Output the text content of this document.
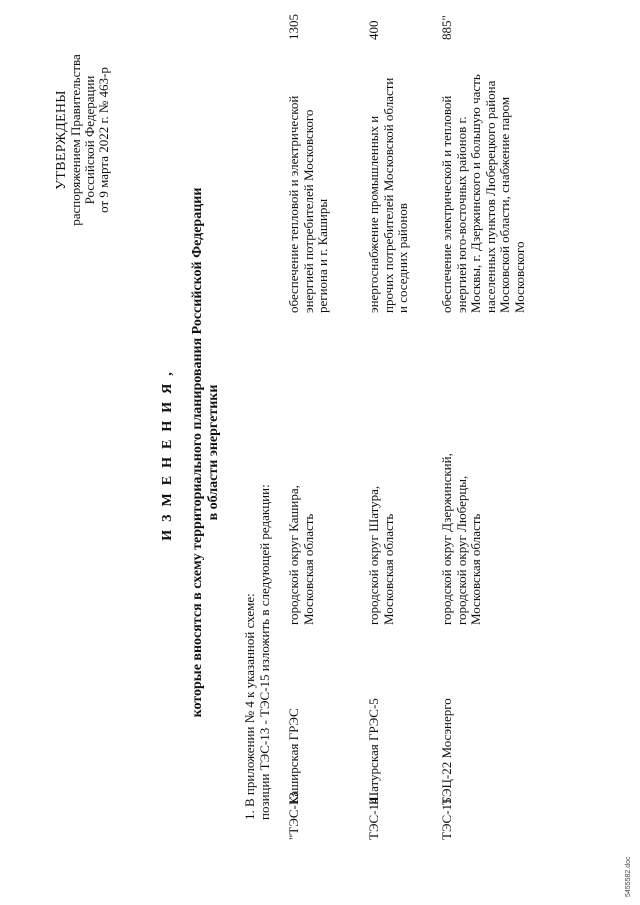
УТВЕРЖДЕНЫ распоряжением Правительства Российской Федерации от 9 марта 2022 г. № 463-р
ИЗМЕНЕНИЯ, которые вносятся в схему территориального планирования Российской Федерации в области энергетики
1. В приложении № 4 к указанной схеме: позиции ТЭС-13 - ТЭС-15 изложить в следующей редакции: "ТЭС-13
Каширская ГРЭС
городской округ Кашира, Московская область
обеспечение тепловой и электрической энергией потребителей Московского региона и г. Каширы
1305
ТЭС-14
Шатурская ГРЭС-5
городской округ Шатура, Московская область
энергоснабжение промышленных и прочих потребителей Московской области и соседних районов
400
ТЭС-15
ТЭЦ-22 Мосэнерго
городской округ Дзержинский, городской округ Люберцы, Московская область
обеспечение электрической и тепловой энергией юго-восточных районов г. Москвы, г. Дзержинского и большую часть населенных пунктов Люберецкого района Московской области, снабжение паром Московского
885"
5455582.doc
